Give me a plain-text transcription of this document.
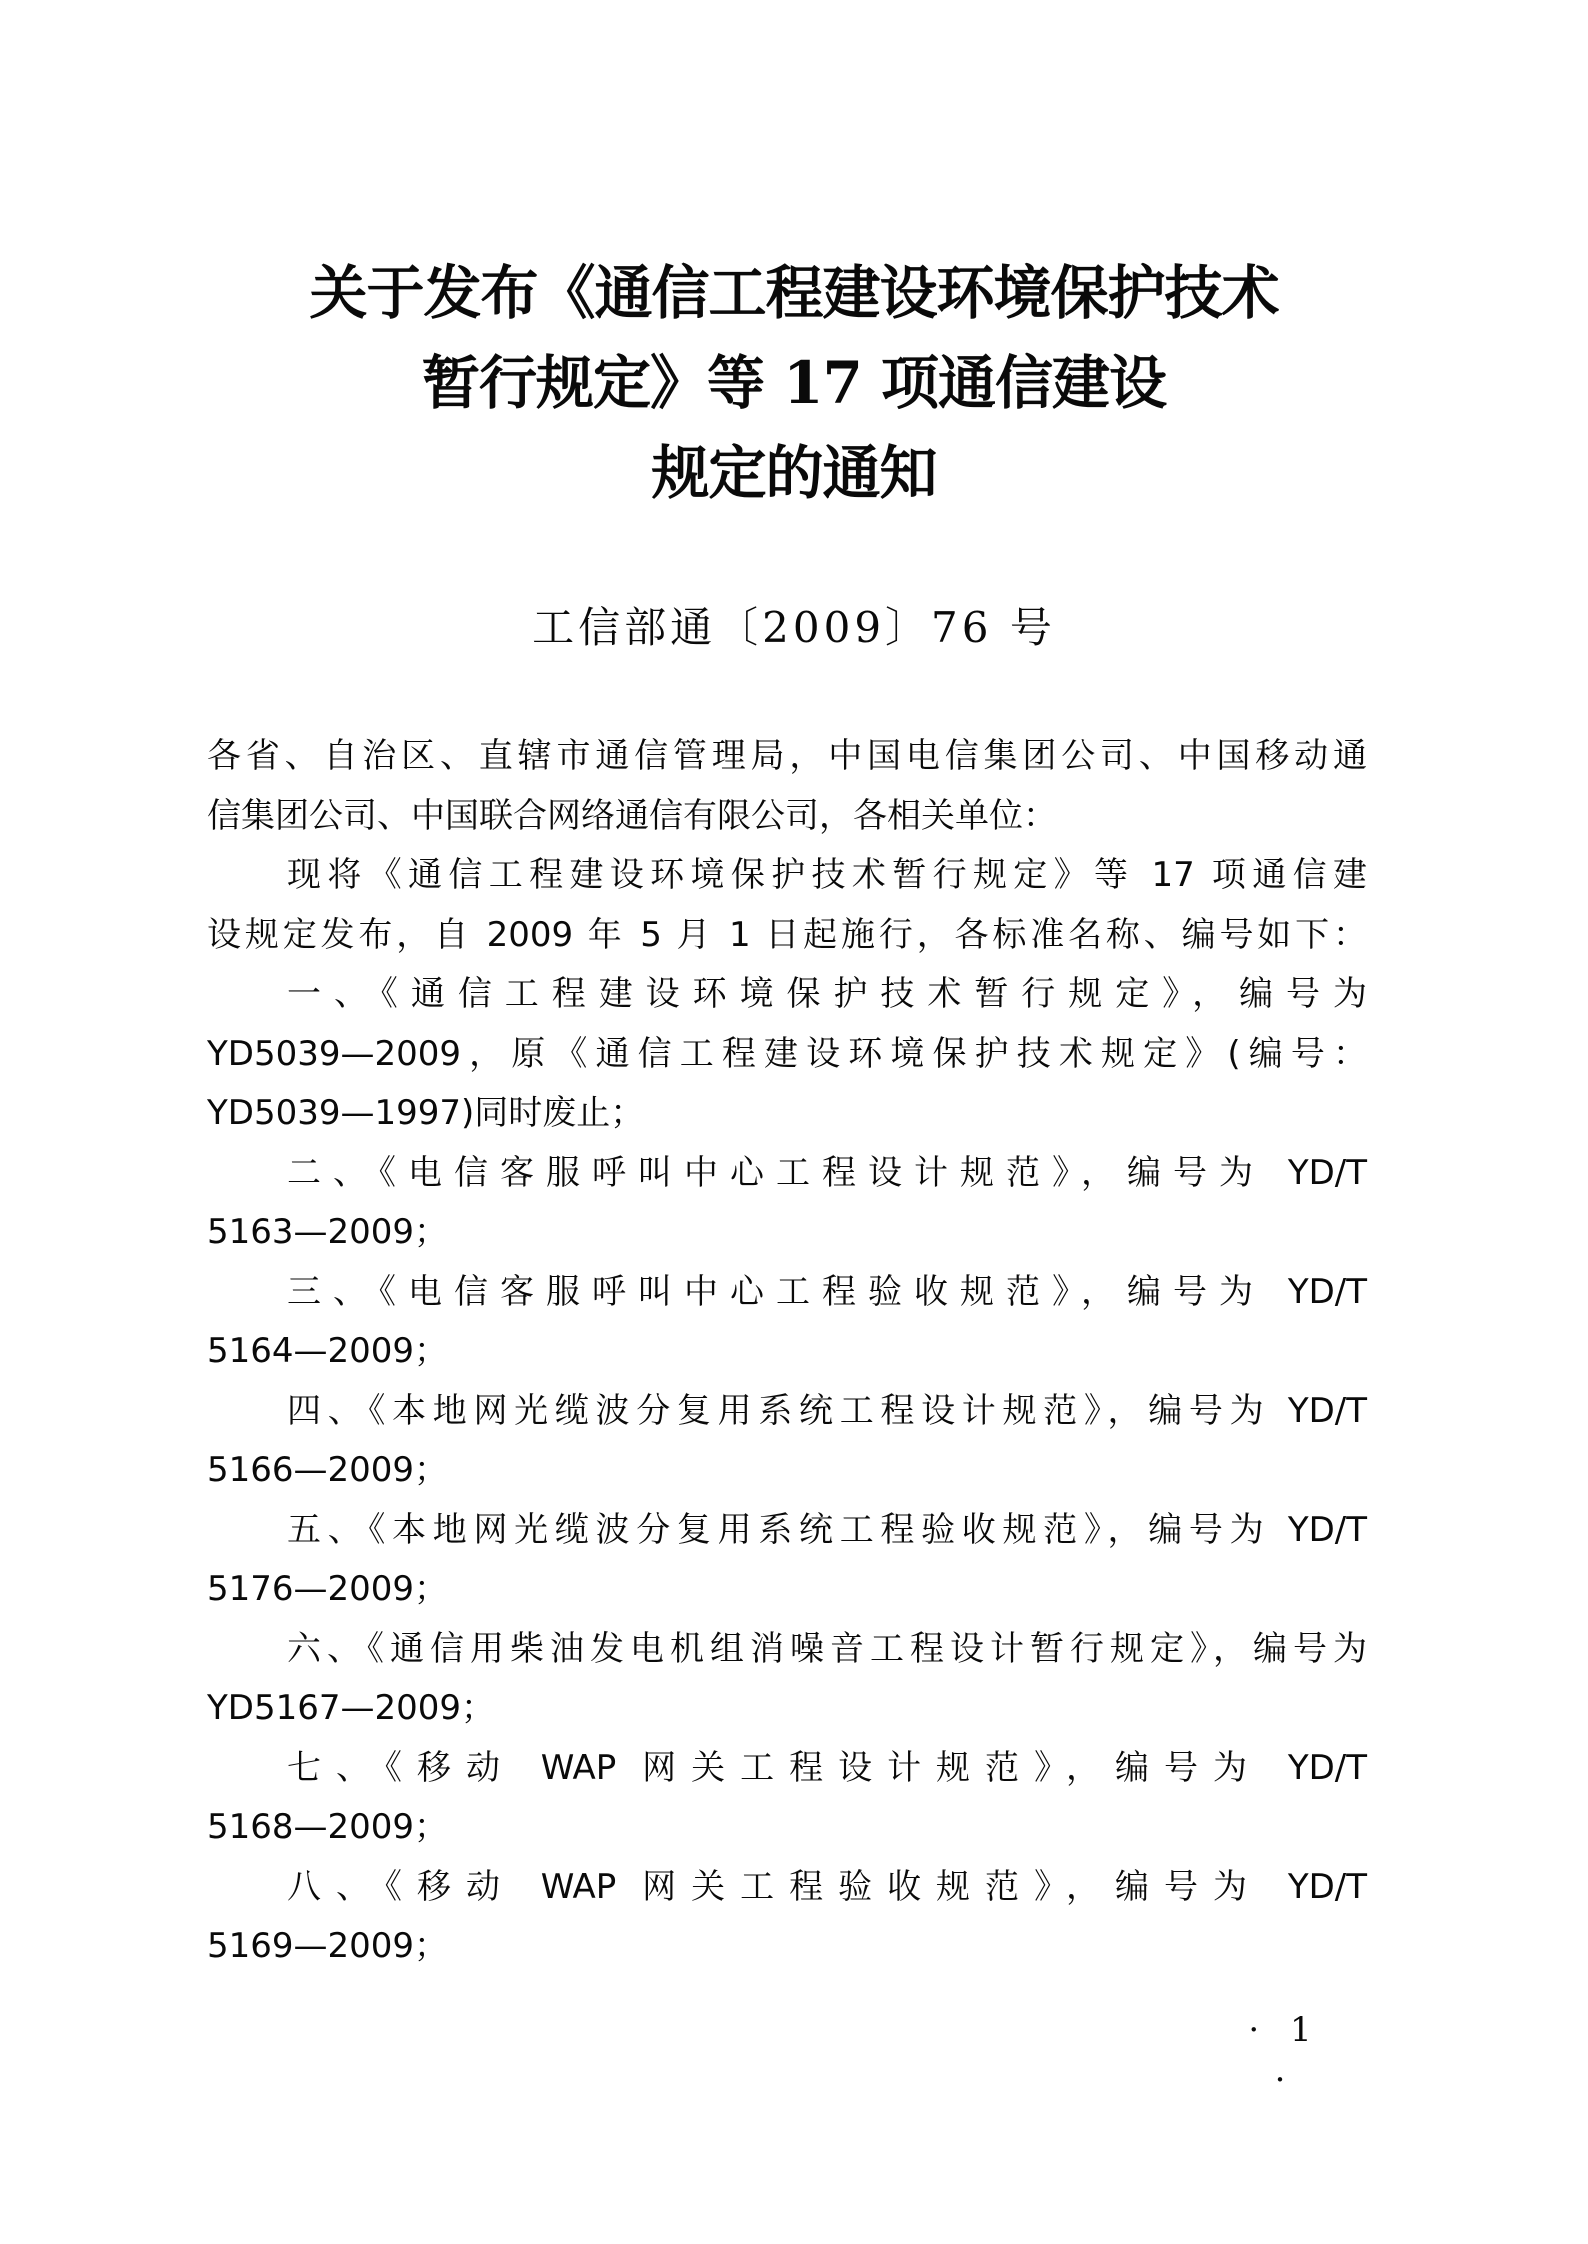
关于发布《通信工程建设环境保护技术
暂行规定》等 17 项通信建设
规定的通知
工信部通〔2009〕76 号
各省、自治区、直辖市通信管理局，中国电信集团公司、中国移动通
信集团公司、中国联合网络通信有限公司，各相关单位：
现将《通信工程建设环境保护技术暂行规定》等 17 项通信建
设规定发布，自 2009 年 5 月 1 日起施行，各标准名称、编号如下：
一、《通信工程建设环境保护技术暂行规定》，编号为
YD5039—2009，原《通信工程建设环境保护技术规定》(编号：
YD5039—1997)同时废止；
二、《电信客服呼叫中心工程设计规范》，编号为 YD/T
5163—2009；
三、《电信客服呼叫中心工程验收规范》，编号为 YD/T
5164—2009；
四、《本地网光缆波分复用系统工程设计规范》，编号为 YD/T
5166—2009；
五、《本地网光缆波分复用系统工程验收规范》，编号为 YD/T
5176—2009；
六、《通信用柴油发电机组消噪音工程设计暂行规定》，编号为
YD5167—2009；
七、《移动 WAP 网关工程设计规范》，编号为 YD/T
5168—2009；
八、《移动 WAP 网关工程验收规范》，编号为 YD/T
5169—2009；
· 1 ·
